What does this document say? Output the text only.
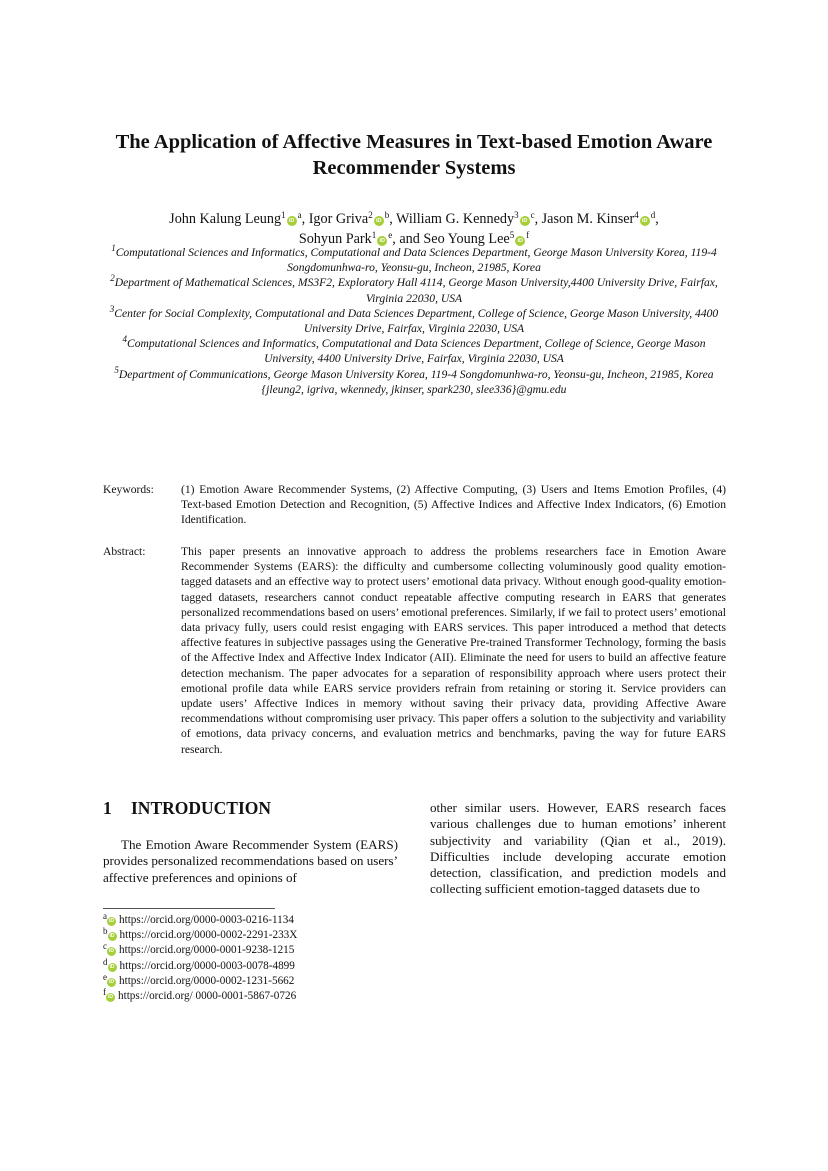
The Application of Affective Measures in Text-based Emotion Aware Recommender Systems
John Kalung $Leung^1iD^a$, Igor $Griva^2iD^b$, William G. $Kennedy^3iD^c$, Jason M. $Kinser^4iD^d$,
Sohyun $Park^1iD^e$, and Seo Young $Lee^5iD^f$

$^1$Computational Sciences and Informatics, Computational and Data Sciences Department, George Mason University Korea, 119-4 Songdomunhwa-ro, Yeonsu-gu, Incheon, 21985, Korea

$^2$Department of Mathematical Sciences, MS3F2, Exploratory Hall 4114, George Mason University,4400 University Drive, Fairfax, Virginia 22030, USA

$^3$Center for Social Complexity, Computational and Data Sciences Department, College of Science, George Mason University, 4400 University Drive, Fairfax, Virginia 22030, USA

$^4$Computational Sciences and Informatics, Computational and Data Sciences Department, College of Science, George Mason University, 4400 University Drive, Fairfax, Virginia 22030, USA

$^5$Department of Communications, George Mason University Korea, 119-4 Songdomunhwa-ro, Yeonsu-gu, Incheon, 21985, Korea

{jleung2, igriva, wkennedy, jkinser, spark230, slee336}@gmu.edu

Keywords: (1) Emotion Aware Recommender Systems, (2) Affective Computing, (3) Users and Items Emotion Profiles, (4) Text-based Emotion Detection and Recognition, (5) Affective Indices and Affective Index Indicators, (6) Emotion Identification.
Abstract:	This paper presents an innovative approach to address the problems researchers face in Emotion Aware Recommender Systems (EARS): the difficulty and cumbersome collecting voluminously good quality emotion-tagged datasets and an effective way to protect users’ emotional data privacy. Without enough good-quality emotion-tagged datasets, researchers cannot conduct repeatable affective computing research in EARS that generates personalized recommendations based on users’ emotional preferences. Similarly, if we fail to protect users’ emotional data privacy fully, users could resist engaging with EARS services. This paper introduced a method that detects affective features in subjective passages using the Generative Pre-trained Transformer Technology, forming the basis of the Affective Index and Affective Index Indicator (AII). Eliminate the need for users to build an affective feature detection mechanism. The paper advocates for a separation of responsibility approach where users protect their emotional profile data while EARS service providers refrain from retaining or storing it. Service providers can update users’ Affective Indices in memory without saving their privacy data, providing Affective Aware recommendations without compromising user privacy. This paper offers a solution to the subjectivity and variability of emotions, data privacy concerns, and evaluation metrics and benchmarks, paving the way for future EARS research.
1 INTRODUCTION
The Emotion Aware Recommender System (EARS) provides personalized recommendations based on users’ affective preferences and opinions of
other similar users. However, EARS research faces various challenges due to human emotions’ inherent subjectivity and variability (Qian et al., 2019). Difficulties include developing accurate emotion detection, classification, and prediction models and collecting sufficient emotion-tagged datasets due to
$^a$ iD https://orcid.org/0000-0003-0216-1134
$^b$ iD https://orcid.org/0000-0002-2291-233X
$^c$ iD https://orcid.org/0000-0001-9238-1215
$^d$ iD https://orcid.org/0000-0003-0078-4899
$^e$ iD https://orcid.org/0000-0002-1231-5662
$^f$ iD https://orcid.org/ 0000-0001-5867-0726
